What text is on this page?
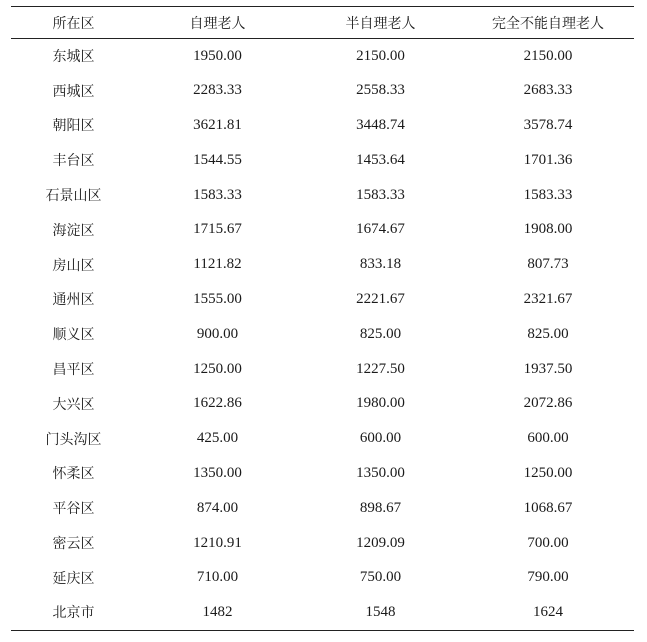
所在区	自理老人	半自理老人	完全不能自理老人
东城区	1950.00	2150.00	2150.00
西城区	2283.33	2558.33	2683.33
朝阳区	3621.81	3448.74	3578.74
丰台区	1544.55	1453.64	1701.36
石景山区	1583.33	1583.33	1583.33
海淀区	1715.67	1674.67	1908.00
房山区	1121.82	833.18	807.73
通州区	1555.00	2221.67	2321.67
顺义区	900.00	825.00	825.00
昌平区	1250.00	1227.50	1937.50
大兴区	1622.86	1980.00	2072.86
门头沟区	425.00	600.00	600.00
怀柔区	1350.00	1350.00	1250.00
平谷区	874.00	898.67	1068.67
密云区	1210.91	1209.09	700.00
延庆区	710.00	750.00	790.00
北京市	1482	1548	1624
